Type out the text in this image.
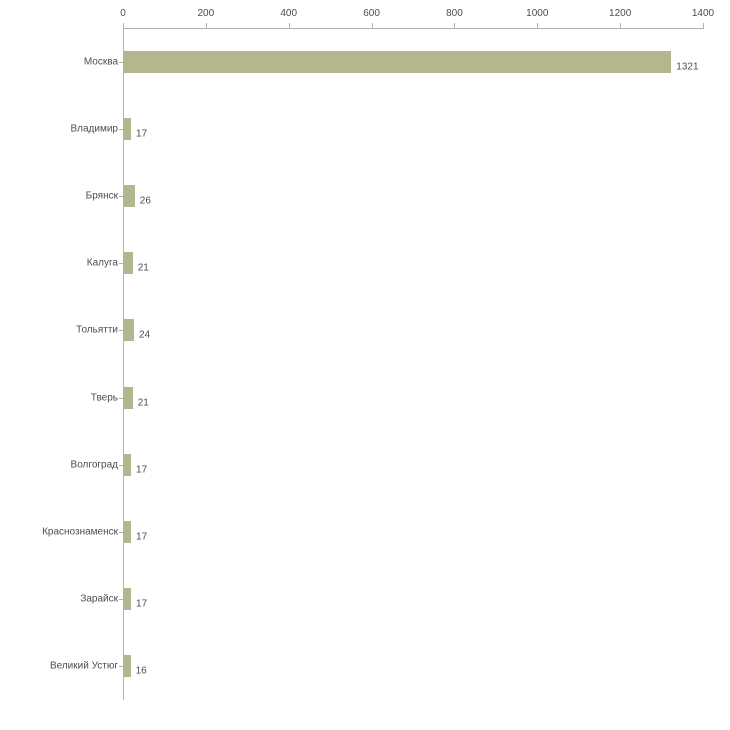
0	200	400	600	800	1000	1200	1400
Москва
Владимир
Брянск
Калуга
Тольятти
Тверь
Волгоград
Краснознаменск
Зарайск
Великий Устюг
1321
17
26
21
24
21
17
17
17
16
